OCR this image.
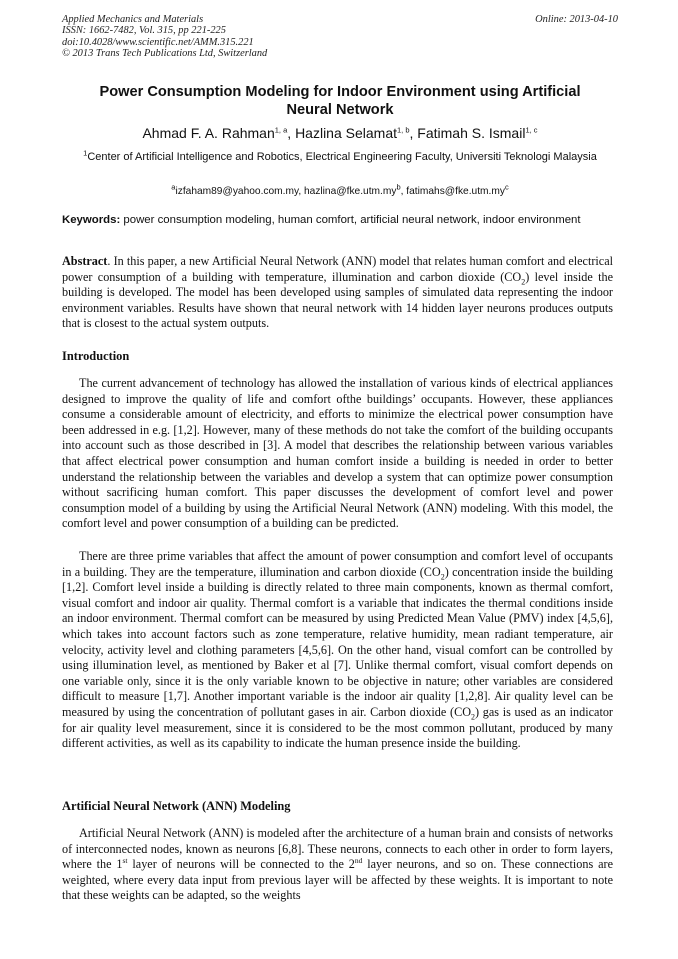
Applied Mechanics and Materials
ISSN: 1662-7482, Vol. 315, pp 221-225
doi:10.4028/www.scientific.net/AMM.315.221
© 2013 Trans Tech Publications Ltd, Switzerland
Online: 2013-04-10
Power Consumption Modeling for Indoor Environment using Artificial
Neural Network
Ahmad F. A. Rahman$^{1, a}$, Hazlina Selamat$^{1, b}$, Fatimah S. Ismail$^{1, c}$
$^1$Center of Artificial Intelligence and Robotics, Electrical Engineering Faculty, Universiti Teknologi Malaysia
$^a$izfaham89@yahoo.com.my, $hazlina@fke.utm.my^b$, $fatimahs@fke.utm.my^c$
Keywords: power consumption modeling, human comfort, artificial neural network, indoor environment
Abstract. In this paper, a new Artificial Neural Network (ANN) model that relates human comfort and electrical power consumption of a building with temperature, illumination and carbon dioxide $(CO_2)$ level inside the building is developed. The model has been developed using samples of simulated data representing the indoor environment variables. Results have shown that neural network with 14 hidden layer neurons produces outputs that is closest to the actual system outputs.
Introduction
The current advancement of technology has allowed the installation of various kinds of electrical appliances designed to improve the quality of life and comfort ofthe buildings’ occupants. However, these appliances consume a considerable amount of electricity, and efforts to minimize the electrical power consumption have been addressed in e.g. [1,2]. However, many of these methods do not take the comfort of the building occupants into account such as those described in [3]. A model that describes the relationship between various variables that affect electrical power consumption and human comfort inside a building is needed in order to better understand the relationship between the variables and develop a system that can optimize power consumption without sacrificing human comfort. This paper discusses the development of comfort level and power consumption model of a building by using the Artificial Neural Network (ANN) modeling. With this model, the comfort level and power consumption of a building can be predicted.
There are three prime variables that affect the amount of power consumption and comfort level of occupants in a building. They are the temperature, illumination and carbon dioxide $(CO_2)$ concentration inside the building [1,2]. Comfort level inside a building is directly related to three main components, known as thermal comfort, visual comfort and indoor air quality. Thermal comfort is a variable that indicates the thermal conditions inside an indoor environment. Thermal comfort can be measured by using Predicted Mean Value (PMV) index [4,5,6], which takes into account factors such as zone temperature, relative humidity, mean radiant temperature, air velocity, activity level and clothing parameters [4,5,6]. On the other hand, visual comfort can be controlled by using illumination level, as mentioned by Baker et al [7]. Unlike thermal comfort, visual comfort depends on one variable only, since it is the only variable known to be objective in nature; other variables are considered difficult to measure [1,7]. Another important variable is the indoor air quality [1,2,8]. Air quality level can be measured by using the concentration of pollutant gases in air. Carbon dioxide $(CO_2)$ gas is used as an indicator for air quality level measurement, since it is considered to be the most common pollutant, produced by many different activities, as well as its capability to indicate the human presence inside the building.
Artificial Neural Network (ANN) Modeling
Artificial Neural Network (ANN) is modeled after the architecture of a human brain and consists of networks of interconnected nodes, known as neurons [6,8]. These neurons, connects to each other in order to form layers, where the 1st layer of neurons will be connected to the 2nd layer neurons, and so on. These connections are weighted, where every data input from previous layer will be affected by these weights. It is important to note that these weights can be adapted, so the weights
